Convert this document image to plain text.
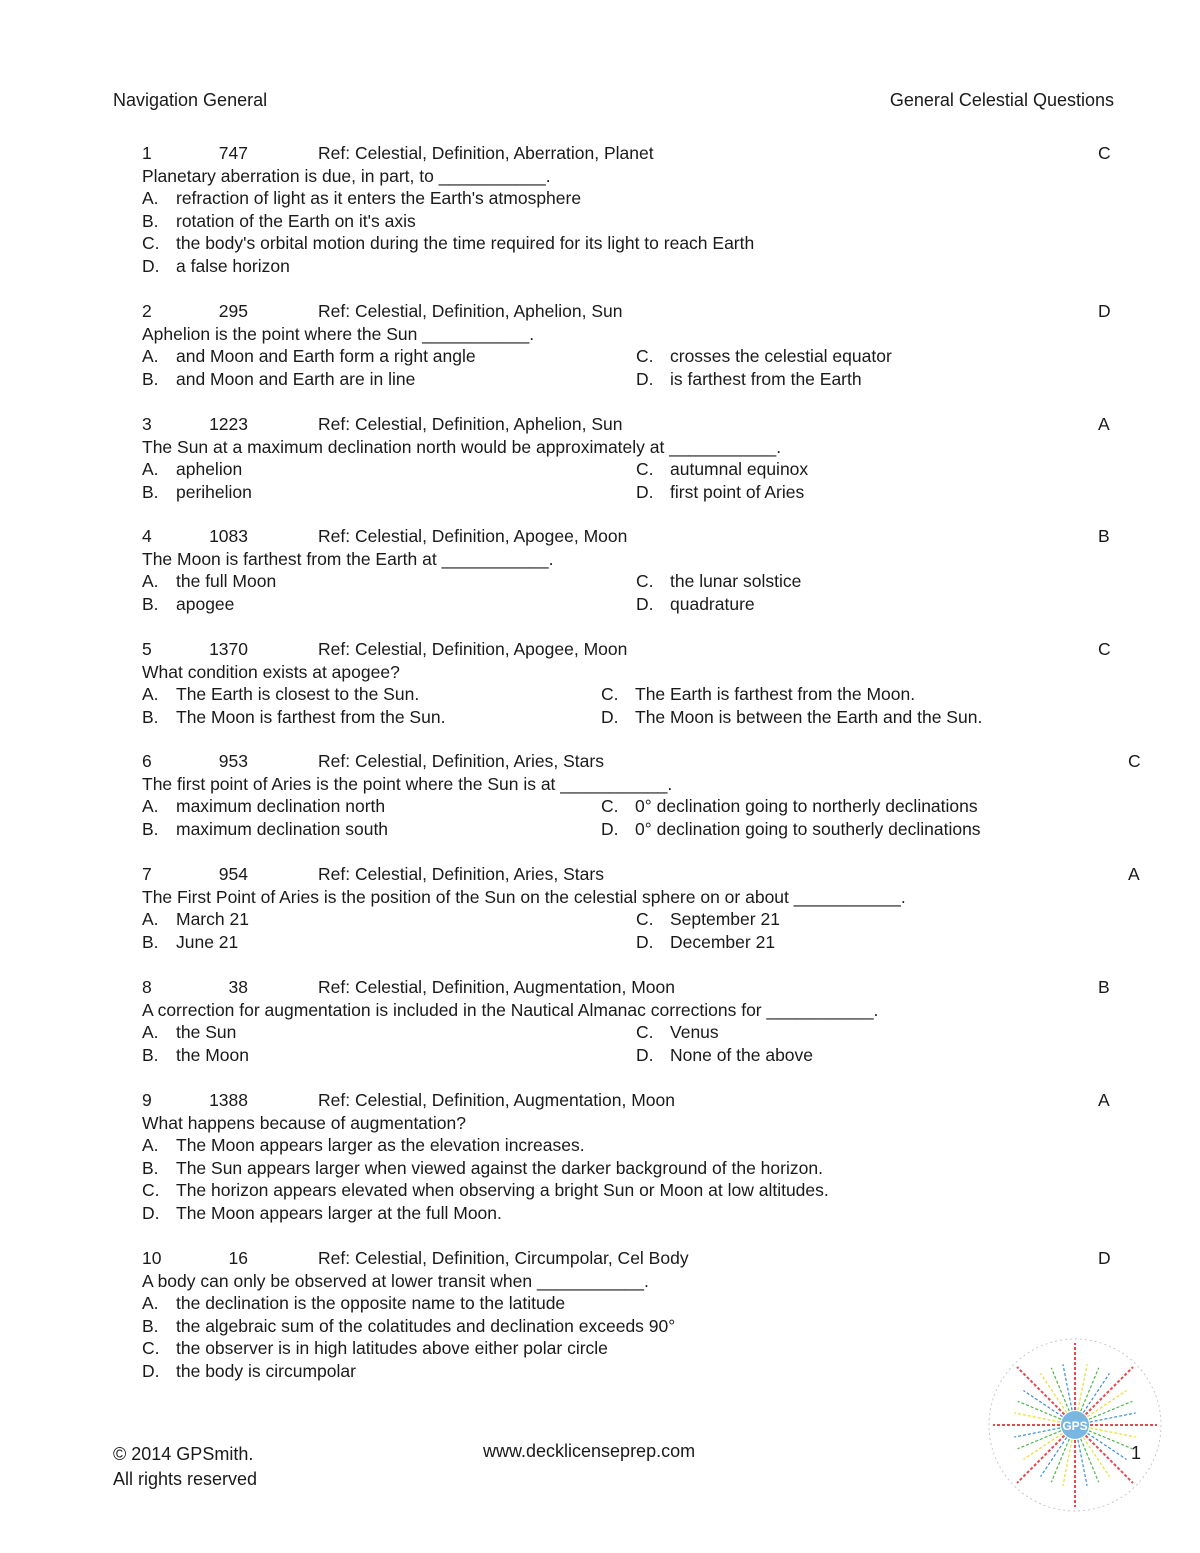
Navigation General	General Celestial Questions
1	747	Ref: Celestial, Definition, Aberration, Planet	C
Planetary aberration is due, in part, to ___________.
A. refraction of light as it enters the Earth's atmosphere
B. rotation of the Earth on it's axis
C. the body's orbital motion during the time required for its light to reach Earth
D. a false horizon
2	295	Ref: Celestial, Definition, Aphelion, Sun	D
Aphelion is the point where the Sun ___________.
A. and Moon and Earth form a right angle	C. crosses the celestial equator
B. and Moon and Earth are in line	D. is farthest from the Earth
3	1223	Ref: Celestial, Definition, Aphelion, Sun	A
The Sun at a maximum declination north would be approximately at ___________.
A. aphelion	C. autumnal equinox
B. perihelion	D. first point of Aries
4	1083	Ref: Celestial, Definition, Apogee, Moon	B
The Moon is farthest from the Earth at ___________.
A. the full Moon	C. the lunar solstice
B. apogee	D. quadrature
5	1370	Ref: Celestial, Definition, Apogee, Moon	C
What condition exists at apogee?
A. The Earth is closest to the Sun.	C. The Earth is farthest from the Moon.
B. The Moon is farthest from the Sun.	D. The Moon is between the Earth and the Sun.
6	953	Ref: Celestial, Definition, Aries, Stars	C
The first point of Aries is the point where the Sun is at ___________.
A. maximum declination north	C. 0° declination going to northerly declinations
B. maximum declination south	D. 0° declination going to southerly declinations
7	954	Ref: Celestial, Definition, Aries, Stars	A
The First Point of Aries is the position of the Sun on the celestial sphere on or about ___________.
A. March 21	C. September 21
B. June 21	D. December 21
8	38	Ref: Celestial, Definition, Augmentation, Moon	B
A correction for augmentation is included in the Nautical Almanac corrections for ___________.
A. the Sun	C. Venus
B. the Moon	D. None of the above
9	1388	Ref: Celestial, Definition, Augmentation, Moon	A
What happens because of augmentation?
A. The Moon appears larger as the elevation increases.
B. The Sun appears larger when viewed against the darker background of the horizon.
C. The horizon appears elevated when observing a bright Sun or Moon at low altitudes.
D. The Moon appears larger at the full Moon.
10	16	Ref: Celestial, Definition, Circumpolar, Cel Body	D
A body can only be observed at lower transit when ___________.
A. the declination is the opposite name to the latitude
B. the algebraic sum of the colatitudes and declination exceeds 90°
C. the observer is in high latitudes above either polar circle
D. the body is circumpolar
© 2014 GPSmith.
All rights reserved
www.decklicenseprep.com
GPS
1
